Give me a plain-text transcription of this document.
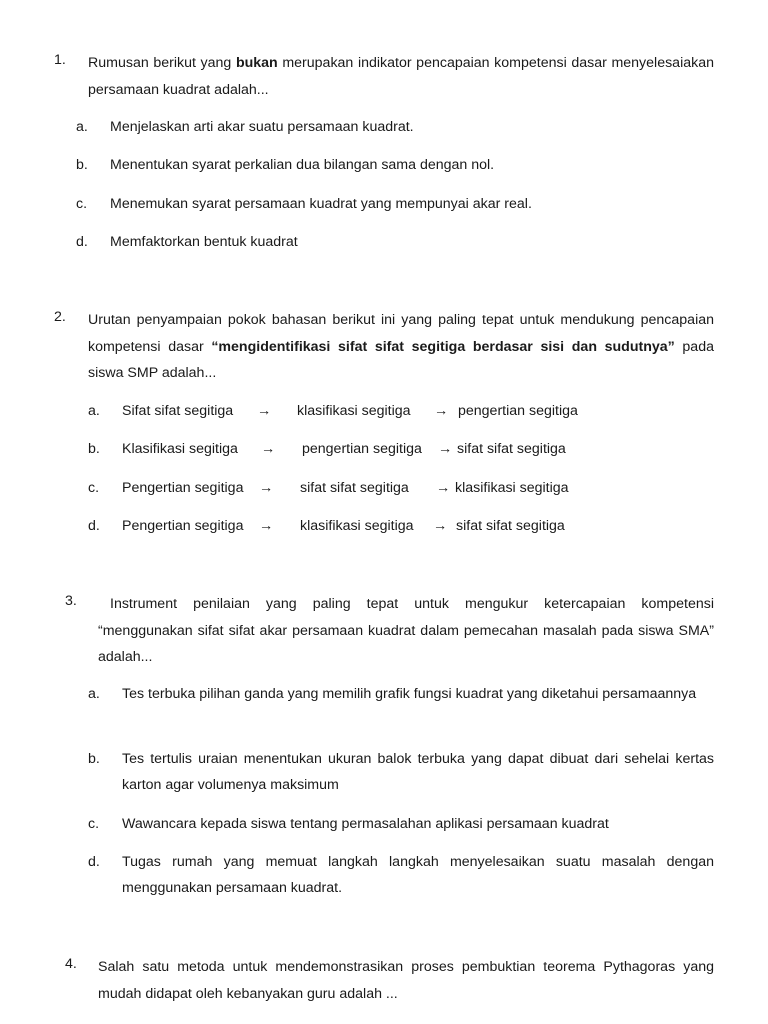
1. Rumusan berikut yang bukan merupakan indikator pencapaian kompetensi dasar menyelesaiakan persamaan kuadrat adalah...
a.	Menjelaskan arti akar suatu persamaan kuadrat.
b.	Menentukan syarat perkalian dua bilangan sama dengan nol.
c.	Menemukan syarat persamaan kuadrat yang mempunyai akar real.
d.	Memfaktorkan bentuk kuadrat
2. Urutan penyampaian pokok bahasan berikut ini yang paling tepat untuk mendukung pencapaian kompetensi dasar “mengidentifikasi sifat sifat segitiga berdasar sisi dan sudutnya” pada siswa SMP adalah...
a. Sifat sifat segitiga → klasifikasi segitiga → pengertian segitiga
b. Klasifikasi segitiga → pengertian segitiga → sifat sifat segitiga
c. Pengertian segitiga → sifat sifat segitiga → klasifikasi segitiga
d. Pengertian segitiga → klasifikasi segitiga → sifat sifat segitiga
3.	Instrument penilaian yang paling tepat untuk mengukur ketercapaian kompetensi “menggunakan sifat sifat akar persamaan kuadrat dalam pemecahan masalah pada siswa SMA” adalah...
a.	Tes terbuka pilihan ganda yang memilih grafik fungsi kuadrat yang diketahui persamaannya
b.	Tes tertulis uraian menentukan ukuran balok terbuka yang dapat dibuat dari sehelai kertas karton agar volumenya maksimum
c.	Wawancara kepada siswa tentang permasalahan aplikasi persamaan kuadrat
d.	Tugas rumah yang memuat langkah langkah menyelesaikan suatu masalah dengan menggunakan persamaan kuadrat.
4. Salah satu metoda untuk mendemonstrasikan proses pembuktian teorema Pythagoras yang mudah didapat oleh kebanyakan guru adalah ...
